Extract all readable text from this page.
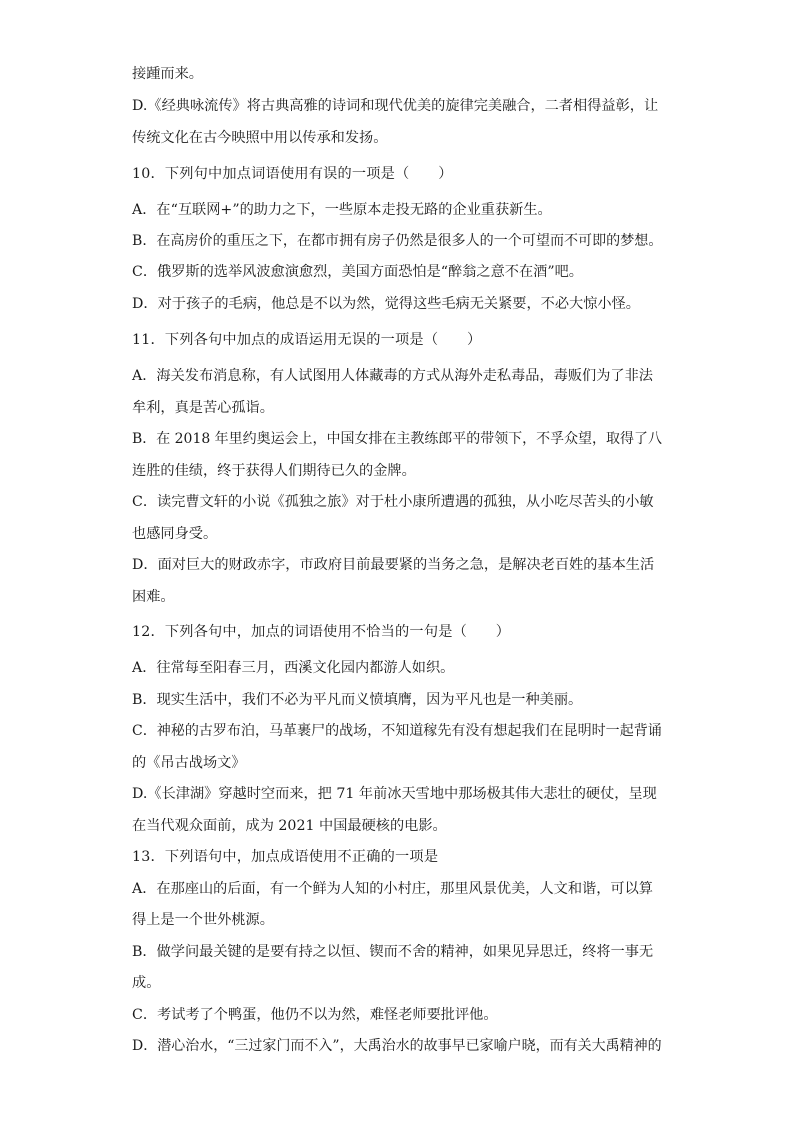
接踵而来。
D.《经典咏流传》将古典高雅的诗词和现代优美的旋律完美融合，二者相得益彰，让
传统文化在古今映照中用以传承和发扬。
10．下列句中加点词语使用有误的一项是（　　）
A．在“互联网+”的助力之下，一些原本走投无路的企业重获新生。
B．在高房价的重压之下，在都市拥有房子仍然是很多人的一个可望而不可即的梦想。
C．俄罗斯的选举风波愈演愈烈，美国方面恐怕是“醉翁之意不在酒”吧。
D．对于孩子的毛病，他总是不以为然，觉得这些毛病无关紧要，不必大惊小怪。
11．下列各句中加点的成语运用无误的一项是（　　）
A．海关发布消息称，有人试图用人体藏毒的方式从海外走私毒品，毒贩们为了非法
牟利，真是苦心孤诣。
B．在 2018 年里约奥运会上，中国女排在主教练郎平的带领下，不孚众望，取得了八
连胜的佳绩，终于获得人们期待已久的金牌。
C．读完曹文轩的小说《孤独之旅》对于杜小康所遭遇的孤独，从小吃尽苦头的小敏
也感同身受。
D．面对巨大的财政赤字，市政府目前最要紧的当务之急，是解决老百姓的基本生活
困难。
12．下列各句中，加点的词语使用不恰当的一句是（　　）
A．往常每至阳春三月，西溪文化园内都游人如织。
B．现实生活中，我们不必为平凡而义愤填膺，因为平凡也是一种美丽。
C．神秘的古罗布泊，马革裹尸的战场，不知道稼先有没有想起我们在昆明时一起背诵
的《吊古战场文》
D.《长津湖》穿越时空而来，把 71 年前冰天雪地中那场极其伟大悲壮的硬仗，呈现
在当代观众面前，成为 2021 中国最硬核的电影。
13．下列语句中，加点成语使用不正确的一项是
A．在那座山的后面，有一个鲜为人知的小村庄，那里风景优美，人文和谐，可以算
得上是一个世外桃源。
B．做学问最关键的是要有持之以恒、锲而不舍的精神，如果见异思迁，终将一事无
成。
C．考试考了个鸭蛋，他仍不以为然，难怪老师要批评他。
D．潜心治水，“三过家门而不入”，大禹治水的故事早已家喻户晓，而有关大禹精神的
